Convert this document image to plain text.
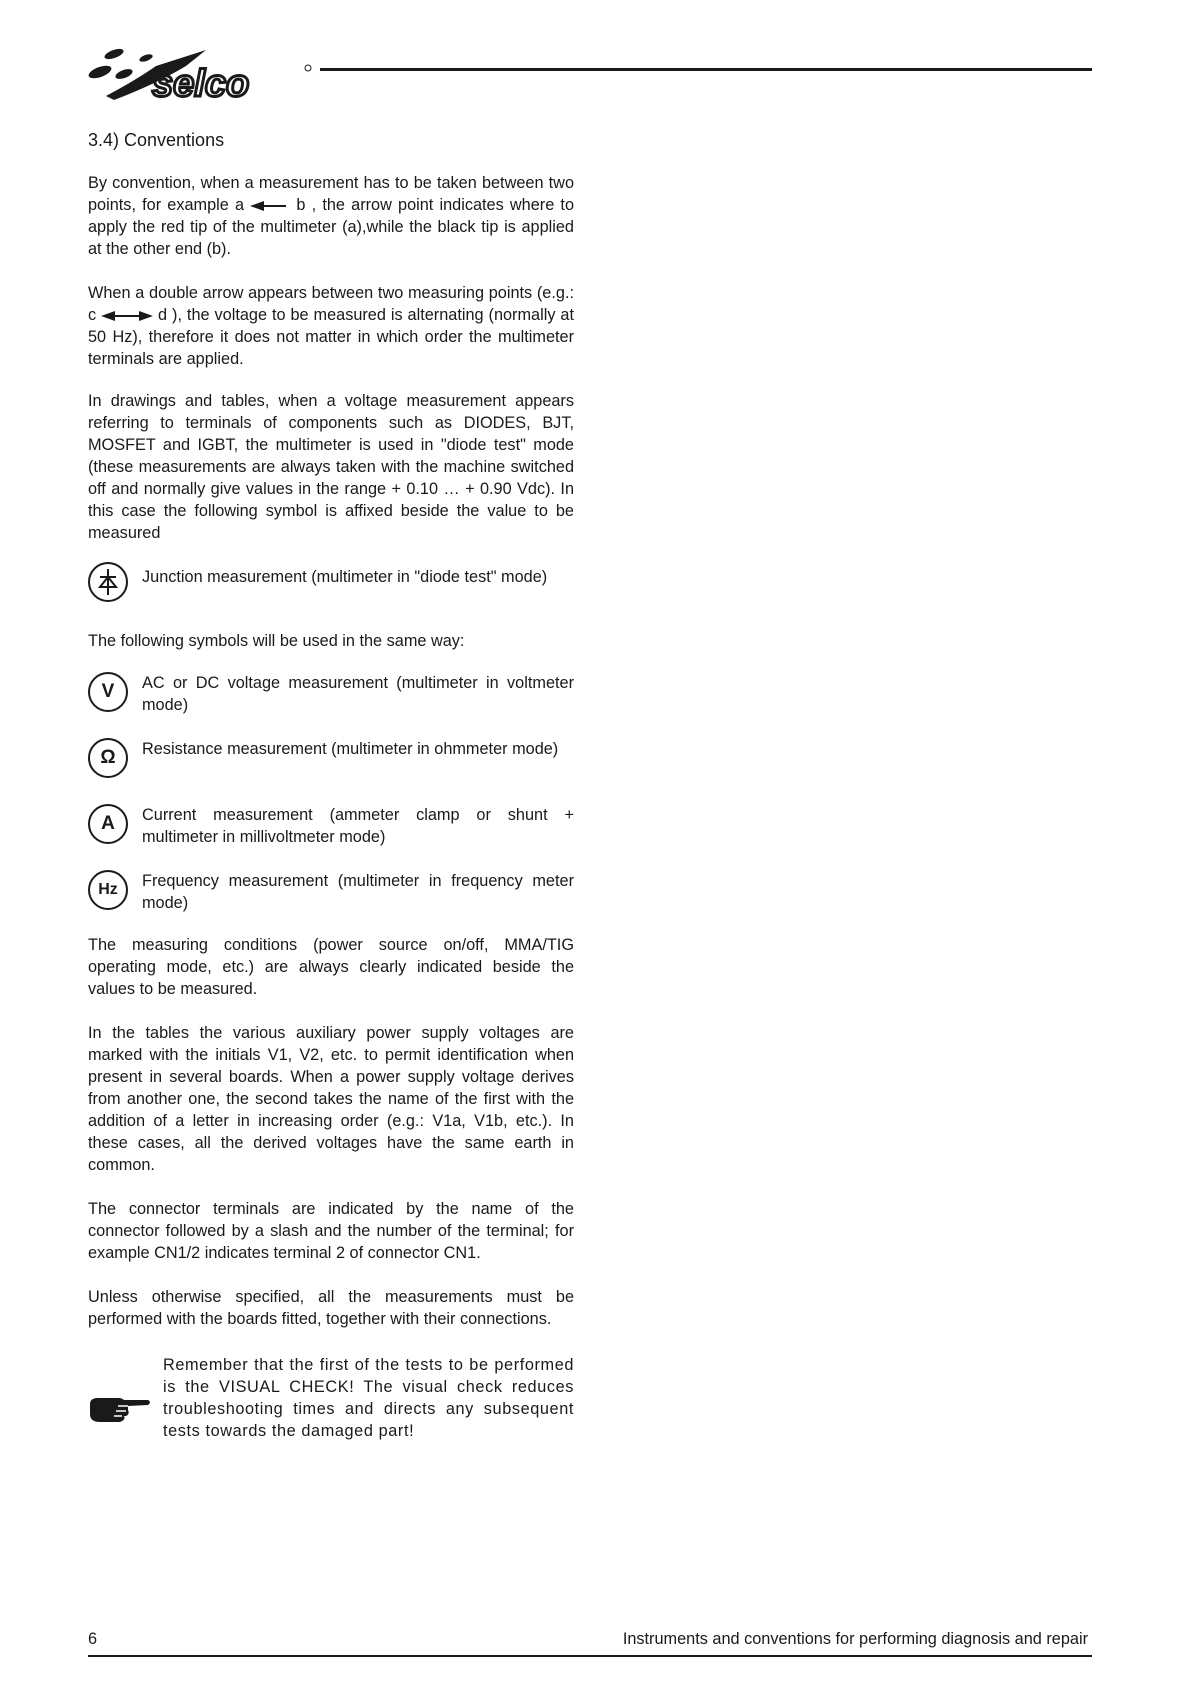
selco
3.4) Conventions
By convention, when a measurement has to be taken between two points, for example a	b , the arrow point indicates where to apply the red tip of the multimeter (a),while the black tip is applied at the other end (b).
When a double arrow appears between two measuring points (e.g.: c	d ), the voltage to be measured is alternating (normally at 50 Hz), therefore it does not matter in which order the multimeter terminals are applied.
In drawings and tables, when a voltage measurement appears referring to terminals of components such as DIODES, BJT, MOSFET and IGBT, the multimeter is used in "diode test" mode (these measurements are always taken with the machine switched off and normally give values in the range + 0.10 … + 0.90 Vdc). In this case the following symbol is affixed beside the value to be measured
Junction measurement (multimeter in "diode test" mode)
The following symbols will be used in the same way:
V	AC or DC voltage measurement (multimeter in voltmeter mode)
Ω	Resistance measurement (multimeter in ohmmeter mode)
A	Current measurement (ammeter clamp or shunt + multimeter in millivoltmeter mode)
Hz	Frequency measurement (multimeter in frequency meter mode)
The measuring conditions (power source on/off, MMA/TIG operating mode, etc.) are always clearly indicated beside the values to be measured.
In the tables the various auxiliary power supply voltages are marked with the initials V1, V2, etc. to permit identification when present in several boards. When a power supply voltage derives from another one, the second takes the name of the first with the addition of a letter in increasing order (e.g.: V1a, V1b, etc.). In these cases, all the derived voltages have the same earth in common.
The connector terminals are indicated by the name of the connector followed by a slash and the number of the terminal; for example CN1/2 indicates terminal 2 of connector CN1.
Unless otherwise specified, all the measurements must be performed with the boards fitted, together with their connections.
Remember that the first of the tests to be performed is the VISUAL CHECK! The visual check reduces troubleshooting times and directs any subsequent tests towards the damaged part!
6	Instruments and conventions for performing diagnosis and repair
